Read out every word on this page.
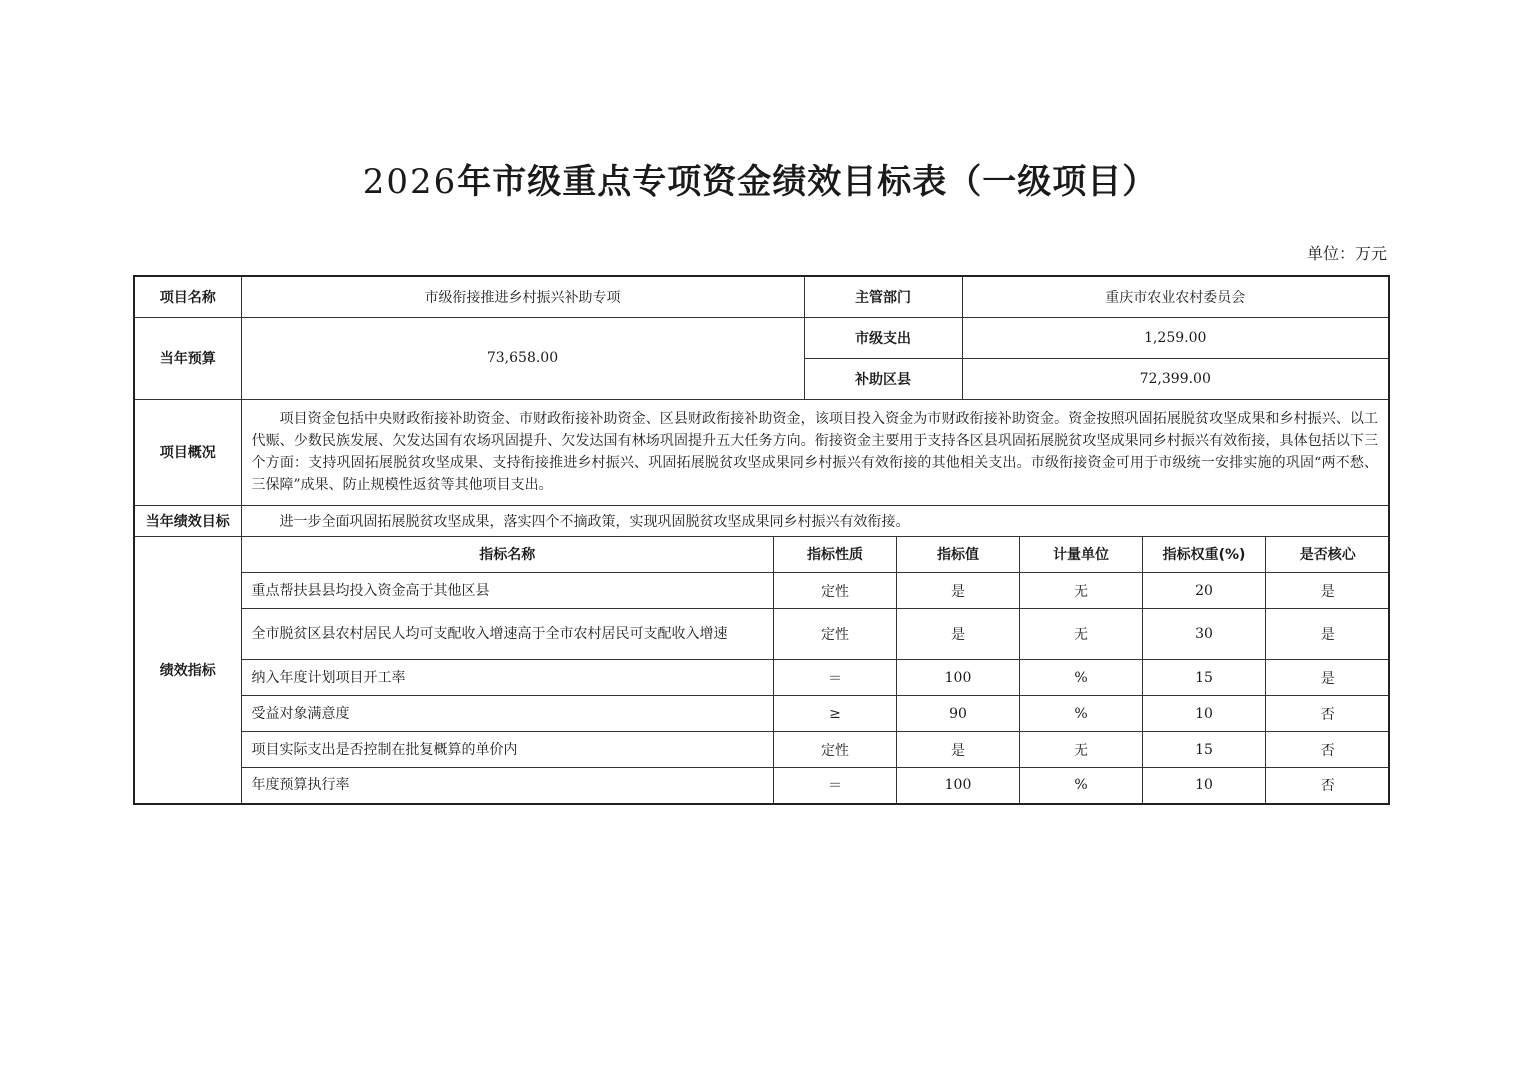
2026年市级重点专项资金绩效目标表（一级项目）
单位：万元
项目名称	市级衔接推进乡村振兴补助专项	主管部门	重庆市农业农村委员会
当年预算	73,658.00	市级支出	1,259.00
补助区县	72,399.00
项目概况	项目资金包括中央财政衔接补助资金、市财政衔接补助资金、区县财政衔接补助资金，该项目投入资金为市财政衔接补助资金。资金按照巩固拓展脱贫攻坚成果和乡村振兴、以工代赈、少数民族发展、欠发达国有农场巩固提升、欠发达国有林场巩固提升五大任务方向。衔接资金主要用于支持各区县巩固拓展脱贫攻坚成果同乡村振兴有效衔接，具体包括以下三个方面：支持巩固拓展脱贫攻坚成果、支持衔接推进乡村振兴、巩固拓展脱贫攻坚成果同乡村振兴有效衔接的其他相关支出。市级衔接资金可用于市级统一安排实施的巩固“两不愁、三保障”成果、防止规模性返贫等其他项目支出。
当年绩效目标	进一步全面巩固拓展脱贫攻坚成果，落实四个不摘政策，实现巩固脱贫攻坚成果同乡村振兴有效衔接。
绩效指标	
指标名称	指标性质	指标值	计量单位	指标权重(%)	是否核心
重点帮扶县县均投入资金高于其他区县	定性	是	无	20	是
全市脱贫区县农村居民人均可支配收入增速高于全市农村居民可支配收入增速	定性	是	无	30	是
纳入年度计划项目开工率	＝	100	%	15	是
受益对象满意度	≥	90	%	10	否
项目实际支出是否控制在批复概算的单价内	定性	是	无	15	否
年度预算执行率	＝	100	%	10	否
